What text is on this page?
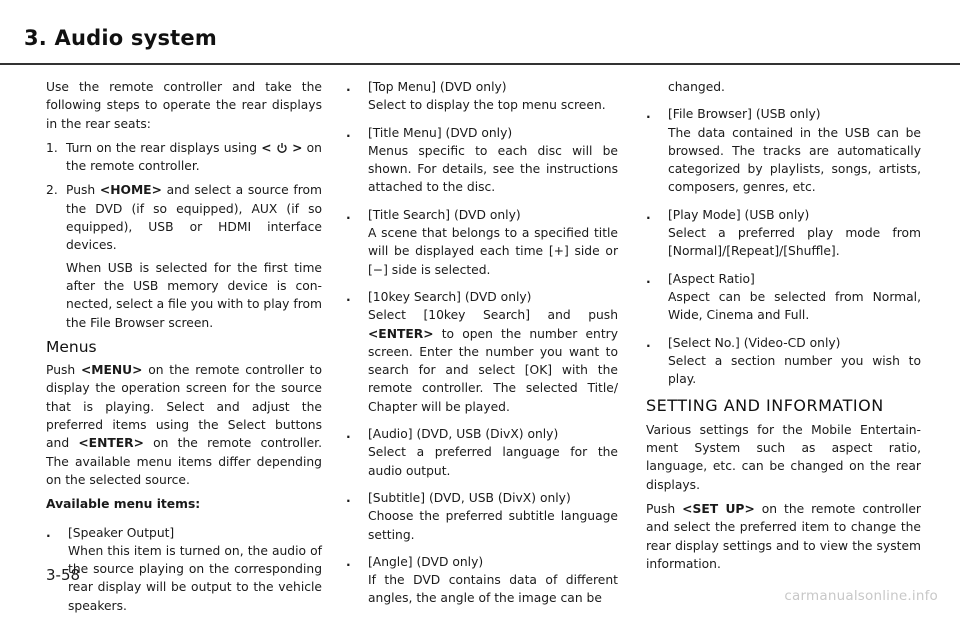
3. Audio system

Use the remote controller and take the following steps to operate the rear displays in the rear seats:

1. Turn on the rear displays using < > on the remote controller.
2. Push <HOME> and select a source from the DVD (if so equipped), AUX (if so equipped), USB or HDMI interface devices.

When USB is selected for the first time after the USB memory device is con-nected, select a file you with to play from the File Browser screen.

Menus

Push <MENU> on the remote controller to display the operation screen for the source that is playing. Select and adjust the preferred items using the Select buttons and <ENTER> on the remote controller. The available menu items differ depending on the selected source.

Available menu items:
.	[Speaker Output]

When this item is turned on, the audio of the source playing on the corresponding rear display will be output to the vehicle speakers.

.	[Top Menu] (DVD only)

Select to display the top menu screen.

.	[Title Menu] (DVD only)

Menus specific to each disc will be shown. For details, see the instructions attached to the disc.

.	[Title Search] (DVD only)

A scene that belongs to a specified title will be displayed each time [+] side or [−] side is selected.

.	[10key Search] (DVD only)

Select [10key Search] and push <ENTER> to open the number entry screen. Enter the number you want to search for and select [OK] with the remote controller. The selected Title/ Chapter will be played.

.	[Audio] (DVD, USB (DivX) only)

Select a preferred language for the audio output.

.	[Subtitle] (DVD, USB (DivX) only)

Choose the preferred subtitle language setting.

.	[Angle] (DVD only)

If the DVD contains data of different angles, the angle of the image can be

changed.

.	[File Browser] (USB only)

The data contained in the USB can be browsed. The tracks are automatically categorized by playlists, songs, artists, composers, genres, etc.

.	[Play Mode] (USB only)

Select a preferred play mode from [Normal]/[Repeat]/[Shuffle].

.	[Aspect Ratio]

Aspect can be selected from Normal, Wide, Cinema and Full.

.	[Select No.] (Video-CD only)

Select a section number you wish to play.

SETTING AND INFORMATION

Various settings for the Mobile Entertain-ment System such as aspect ratio, language, etc. can be changed on the rear displays.

Push <SET UP> on the remote controller and select the preferred item to change the rear display settings and to view the system information.

3-58
carmanualsonline.info
